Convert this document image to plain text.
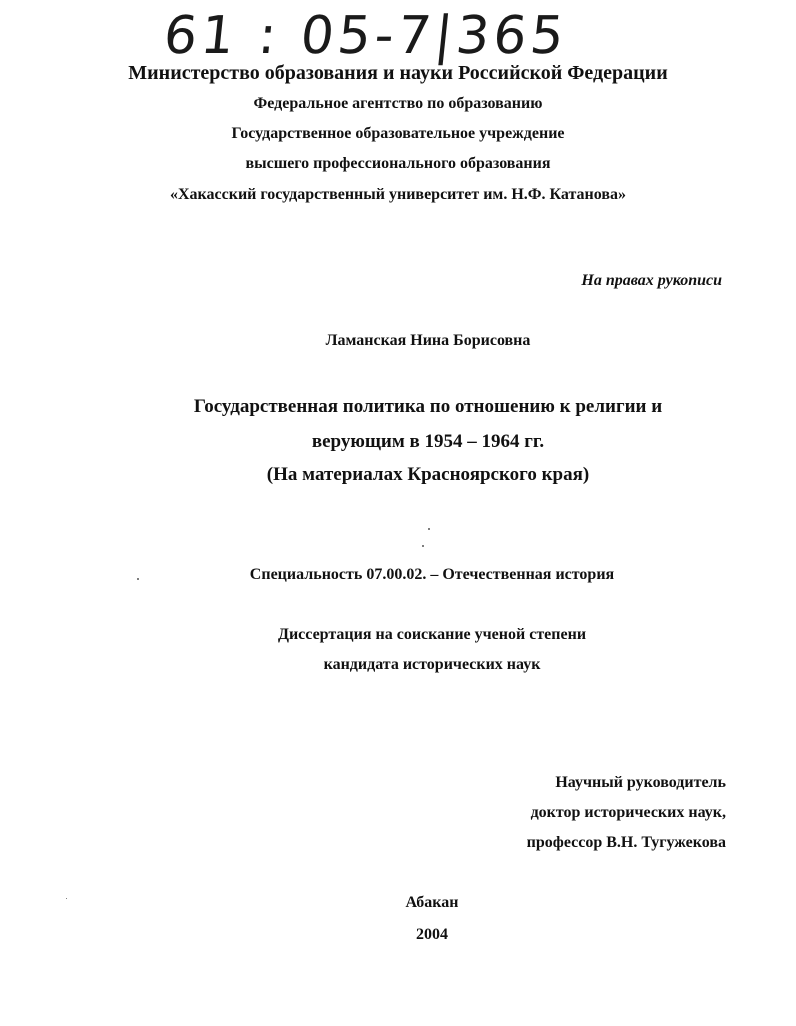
61 : 05-7|365
Министерство образования и науки Российской Федерации
Федеральное агентство по образованию
Государственное образовательное учреждение
высшего профессионального образования
«Хакасский государственный университет им. Н.Ф. Катанова»
На правах рукописи
Ламанская Нина Борисовна
Государственная политика по отношению к религии и
верующим в 1954 – 1964 гг.
(На материалах Красноярского края)
Специальность 07.00.02. – Отечественная история
Диссертация на соискание ученой степени
кандидата исторических наук
Научный руководитель
доктор исторических наук,
профессор В.Н. Тугужекова
Абакан
2004
